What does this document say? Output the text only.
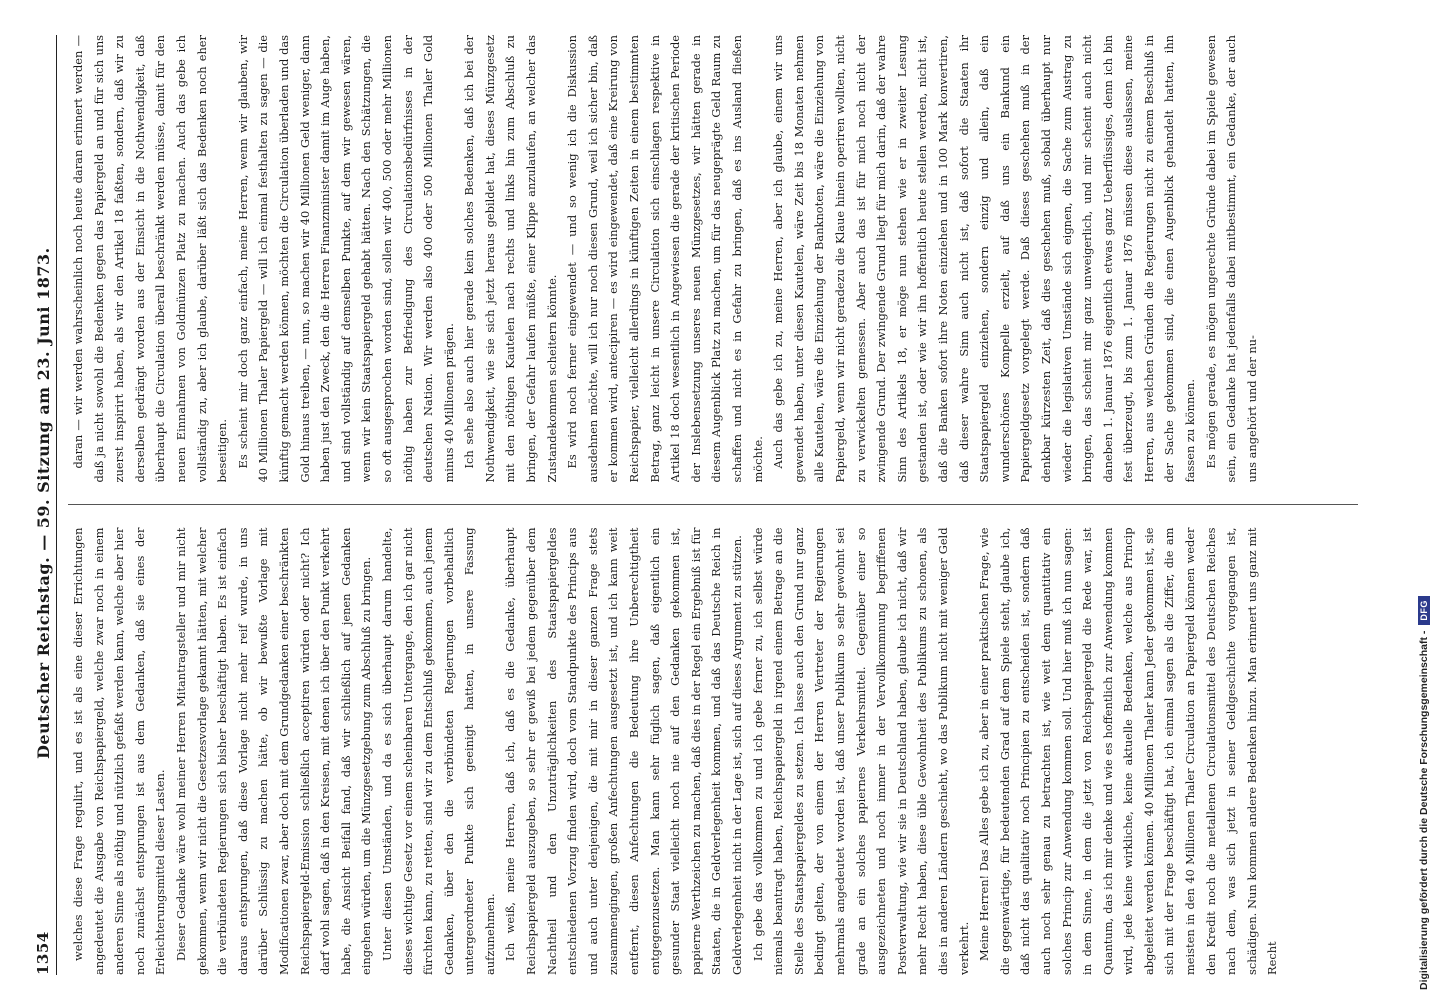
1354
Deutscher Reichstag. — 59. Sitzung am 23. Juni 1873. welches diese Frage regulirt, und es ist als eine dieser Errichtungen angedeutet die Ausgabe von Reichspapiergeld, welche zwar noch in einem anderen Sinne als nöthig und nützlich gefaßt werden kann, welche aber hier noch zunächst entsprungen ist aus dem Gedanken, daß sie eines der Erleichterungsmittel dieser Lasten. Dieser Gedanke wäre wohl meiner Herren Mitantragsteller und mir nicht gekommen, wenn wir nicht die Gesetzesvorlage gekannt hätten, mit welcher die verbündeten Regierungen sich bisher beschäftigt haben. Es ist einfach daraus entsprungen, daß diese Vorlage nicht mehr reif wurde, in uns darüber Schlüssig zu machen hätte, ob wir bewußte Vorlage mit Modificationen zwar, aber doch mit dem Grundgedanken einer beschränkten Reichspapiergeld-Emission schließlich acceptiren würden oder nicht? Ich darf wohl sagen, daß in den Kreisen, mit denen ich über den Punkt verkehrt habe, die Ansicht Beifall fand, daß wir schließlich auf jenen Gedanken eingehen würden, um die Münzgesetzgebung zum Abschluß zu bringen. Unter diesen Umständen, und da es sich überhaupt darum handelte, dieses wichtige Gesetz vor einem scheinbaren Untergange, den ich gar nicht fürchten kann, zu retten, sind wir zu dem Entschluß gekommen, auch jenem Gedanken, über den die verbündeten Regierungen vorbehaltlich untergeordneter Punkte sich geeinigt hatten, in unsere Fassung aufzunehmen. Ich weiß, meine Herren, daß ich, daß es die Gedanke, überhaupt Reichspapiergeld auszugeben, so sehr er gewiß bei jedem gegenüber dem Nachtheil und den Unzuträglichkeiten des Staatspapiergeldes entschiedenen Vorzug finden wird, doch vom Standpunkte des Princips aus und auch unter denjenigen, die mit mir in dieser ganzen Frage stets zusammengingen, großen Anfechtungen ausgesetzt ist, und ich kann weit entfernt, diesen Anfechtungen die Bedeutung ihre Unberechtigtheit entgegenzusetzen. Man kann sehr füglich sagen, daß eigentlich ein gesunder Staat vielleicht noch nie auf den Gedanken gekommen ist, papierne Werthzeichen zu machen, daß dies in der Regel ein Ergebniß ist für Staaten, die in Geldverlegenheit kommen, und daß das Deutsche Reich in Geldverlegenheit nicht in der Lage ist, sich auf dieses Argument zu stützen. Ich gebe das vollkommen zu und ich gebe ferner zu, ich selbst würde niemals beantragt haben, Reichspapiergeld in irgend einem Betrage an die Stelle des Staatspapiergeldes zu setzen. Ich lasse auch den Grund nur ganz bedingt gelten, der von einem der Herren Vertreter der Regierungen mehrmals angedeutet worden ist, daß unser Publikum so sehr gewohnt sei grade an ein solches papiernes Verkehrsmittel. Gegenüber einer so ausgezeichneten und noch immer in der Vervollkommnung begriffenen Postverwaltung, wie wir sie in Deutschland haben, glaube ich nicht, daß wir mehr Recht haben, diese üble Gewohnheit des Publikums zu schonen, als dies in anderen Ländern geschieht, wo das Publikum nicht mit weniger Geld verkehrt. Meine Herren! Das Alles gebe ich zu, aber in einer praktischen Frage, wie die gegenwärtige, für bedeutenden Grad auf dem Spiele steht, glaube ich, daß nicht das qualitativ noch Principien zu entscheiden ist, sondern daß auch noch sehr genau zu betrachten ist, wie weit denn quantitativ ein solches Princip zur Anwendung kommen soll. Und hier muß ich nun sagen: in dem Sinne, in dem die jetzt von Reichspapiergeld die Rede war, ist Quantum, das ich mir denke und wie es hoffentlich zur Anwendung kommen wird, jede keine wirkliche, keine aktuelle Bedenken, welche aus Princip abgeleitet werden können. 40 Millionen Thaler kann Jeder gekommen ist, sie sich mit der Frage beschäftigt hat, ich einmal sagen als die Ziffer, die am meisten in den 40 Millionen Thaler Circulation an Papiergeld können weder den Kredit noch die metallenen Circulationsmittel des Deutschen Reiches nach dem, was sich jetzt in seiner Geldgeschichte vorgegangen ist, schädigen. Nun kommen andere Bedenken hinzu. Man erinnert uns ganz mit Recht

daran — wir werden wahrscheinlich noch heute daran erinnert werden — daß ja nicht sowohl die Bedenken gegen das Papiergeld an und für sich uns zuerst inspirirt haben, als wir den Artikel 18 faßten, sondern, daß wir zu derselben gedrängt worden aus der Einsicht in die Nothwendigkeit, daß überhaupt die Circulation überall beschränkt werden müsse, damit für den neuen Einnahmen von Goldmünzen Platz zu machen. Auch das gebe ich vollständig zu, aber ich glaube, darüber läßt sich das Bedenken noch eher beseitigen. Es scheint mir doch ganz einfach, meine Herren, wenn wir glauben, wir 40 Millionen Thaler Papiergeld — will ich einmal festhalten zu sagen — die künftig gemacht werden können, möchten die Circulation überladen und das Gold hinaus treiben, — nun, so machen wir 40 Millionen Geld weniger, dann haben just den Zweck, den die Herren Finanzminister damit im Auge haben, und sind vollständig auf demselben Punkte, auf dem wir gewesen wären, wenn wir kein Staatspapiergeld gehabt hätten. Nach den Schätzungen, die so oft ausgesprochen worden sind, sollen wir 400, 500 oder mehr Millionen nöthig haben zur Befriedigung des Circulationsbedürfnisses in der deutschen Nation. Wir werden also 400 oder 500 Millionen Thaler Gold minus 40 Millionen prägen. Ich sehe also auch hier gerade kein solches Bedenken, daß ich bei der Nothwendigkeit, wie sie sich jetzt heraus gebildet hat, dieses Münzgesetz mit den nöthigen Kautelen nach rechts und links hin zum Abschluß zu bringen, der Gefahr laufen müßte, einer Klippe anzulaufen, an welcher das Zustandekommen scheitern könnte. Es wird noch ferner eingewendet — und so wenig ich die Diskussion ausdehnen möchte, will ich nur noch diesen Grund, weil ich sicher bin, daß er kommen wird, antecipiren — es wird eingewendet, daß eine Kreirung von Reichspapier, vielleicht allerdings in künftigen Zeiten in einem bestimmten Betrag, ganz leicht in unsere Circulation sich einschlagen respektive in Artikel 18 doch wesentlich in Angewiesen die gerade der kritischen Periode der Inslebensetzung unseres neuen Münzgesetzes, wir hätten gerade in diesem Augenblick Platz zu machen, um für das neugeprägte Geld Raum zu schaffen und nicht es in Gefahr zu bringen, daß es ins Ausland fließen möchte. Auch das gebe ich zu, meine Herren, aber ich glaube, einem wir uns gewendet haben, unter diesen Kautelen, wäre Zeit bis 18 Monaten nehmen alle Kautelen, wäre die Einziehung der Banknoten, wäre die Einziehung von Papiergeld, wenn wir nicht geradezu die Klaue hinein operiren wollten, nicht zu verwickelten gemessen. Aber auch das ist für mich noch nicht der zwingende Grund. Der zwingende Grund liegt für mich darin, daß der wahre Sinn des Artikels 18, er möge nun stehen wie er in zweiter Lesung gestanden ist, oder wie wir ihn hoffentlich heute stellen werden, nicht ist, daß die Banken sofort ihre Noten einziehen und in 100 Mark konvertiren, daß dieser wahre Sinn auch nicht ist, daß sofort die Staaten ihr Staatspapiergeld einziehen, sondern einzig und allein, daß ein wunderschönes Kompelle erzielt, auf daß uns ein Bankund ein Papiergeldgesetz vorgelegt werde. Daß dieses geschehen muß in der denkbar kürzesten Zeit, daß dies geschehen muß, sobald überhaupt nur wieder die legislativen Umstände sich eignen, die Sache zum Austrag zu bringen, das scheint mir ganz unweigerlich, und mir scheint auch nicht daneben 1. Januar 1876 eigentlich etwas ganz Ueberflüssiges, denn ich bin fest überzeugt, bis zum 1. Januar 1876 müssen diese auslassen, meine Herren, aus welchen Gründen die Regierungen nicht zu einem Beschluß in der Sache gekommen sind, die einen Augenblick gehandelt hatten, ihn fassen zu können. Es mögen gerade, es mögen ungerechte Gründe dabei im Spiele gewesen sein, ein Gedanke hat jedenfalls dabei mitbestimmt, ein Gedanke, der auch uns angehört und der nu-

Digitalisierung gefördert durch die Deutsche Forschungsgemeinschaft -
DFG
